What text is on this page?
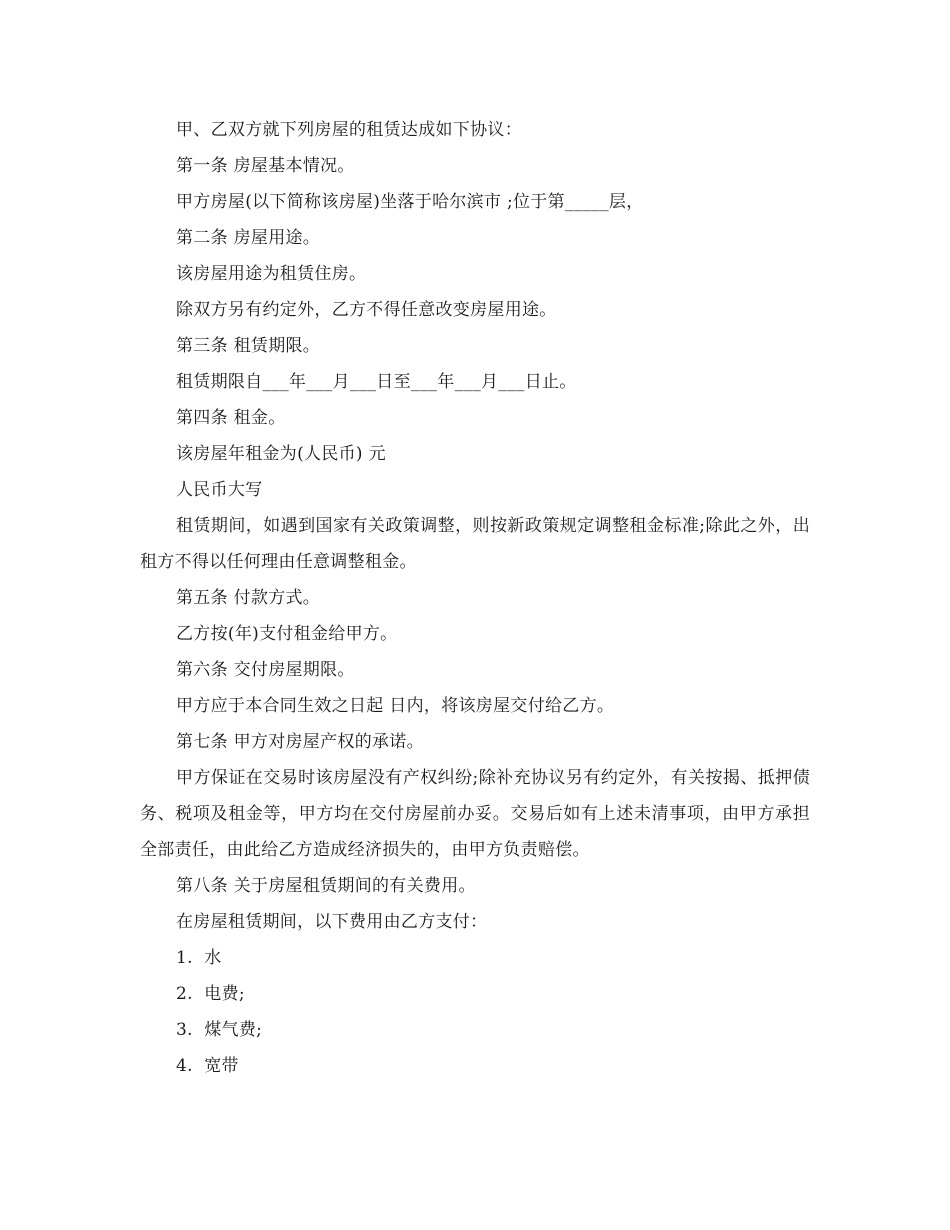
甲、乙双方就下列房屋的租赁达成如下协议：

第一条 房屋基本情况。

甲方房屋(以下简称该房屋)坐落于哈尔滨市 ;位于第_____层，

第二条 房屋用途。

该房屋用途为租赁住房。

除双方另有约定外，乙方不得任意改变房屋用途。

第三条 租赁期限。

租赁期限自___年___月___日至___年___月___日止。

第四条 租金。

该房屋年租金为(人民币) 元

人民币大写

租赁期间，如遇到国家有关政策调整，则按新政策规定调整租金标准;除此之外，出租方不得以任何理由任意调整租金。

第五条 付款方式。

乙方按(年)支付租金给甲方。

第六条 交付房屋期限。

甲方应于本合同生效之日起 日内，将该房屋交付给乙方。

第七条 甲方对房屋产权的承诺。

甲方保证在交易时该房屋没有产权纠纷;除补充协议另有约定外，有关按揭、抵押债务、税项及租金等，甲方均在交付房屋前办妥。交易后如有上述未清事项，由甲方承担全部责任，由此给乙方造成经济损失的，由甲方负责赔偿。

第八条 关于房屋租赁期间的有关费用。

在房屋租赁期间，以下费用由乙方支付：

1.  水

2.  电费;

3.  煤气费;

4.  宽带
